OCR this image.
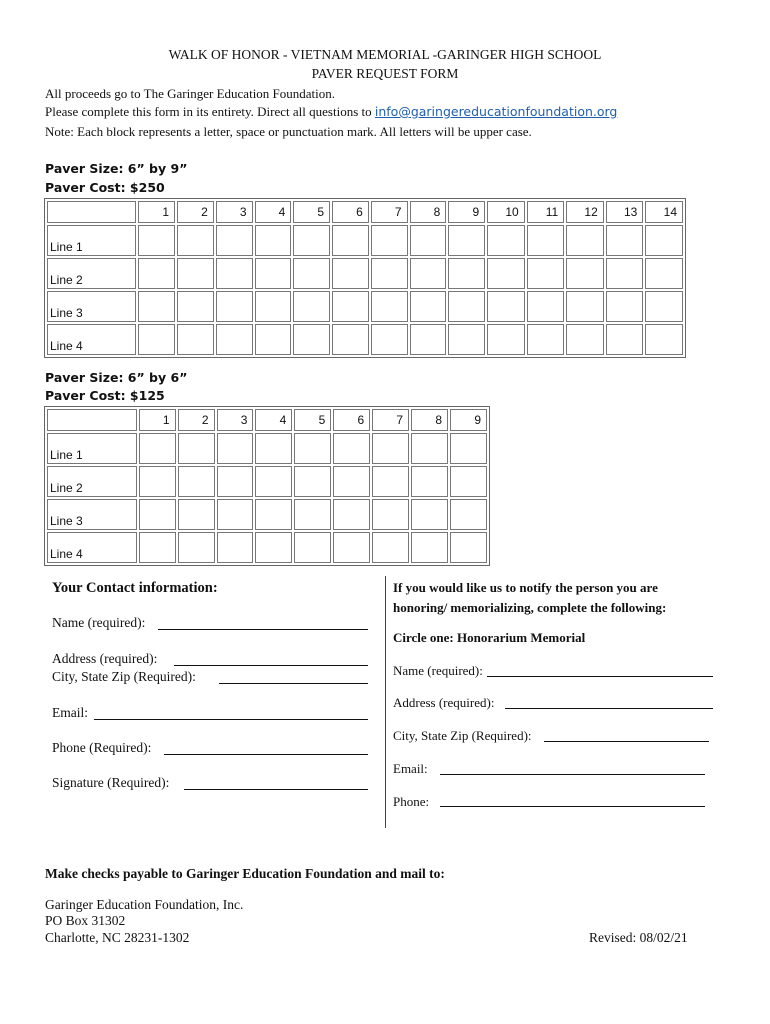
WALK OF HONOR - VIETNAM MEMORIAL -GARINGER HIGH SCHOOL
PAVER REQUEST FORM
All proceeds go to The Garinger Education Foundation.
Please complete this form in its entirety. Direct all questions to info@garingereducationfoundation.org
Note: Each block represents a letter, space or punctuation mark. All letters will be upper case.
Paver Size: 6” by 9”
Paver Cost: $250
	1	2	3	4	5	6	7	8	9	10	11	12	13	14
Line 1														
Line 2														
Line 3														
Line 4														
Paver Size: 6” by 6”
Paver Cost: $125
	1	2	3	4	5	6	7	8	9
Line 1									
Line 2									
Line 3									
Line 4									
Your Contact information:
Name (required):
Address (required):
City, State Zip (Required):
Email:
Phone (Required):
Signature (Required):
If you would like us to notify the person you are
honoring/ memorializing, complete the following:
Circle one: Honorarium Memorial
Name (required):
Address (required):
City, State Zip (Required):
Email:
Phone:
Make checks payable to Garinger Education Foundation and mail to:
Garinger Education Foundation, Inc.
PO Box 31302
Charlotte, NC 28231-1302	Revised: 08/02/21
